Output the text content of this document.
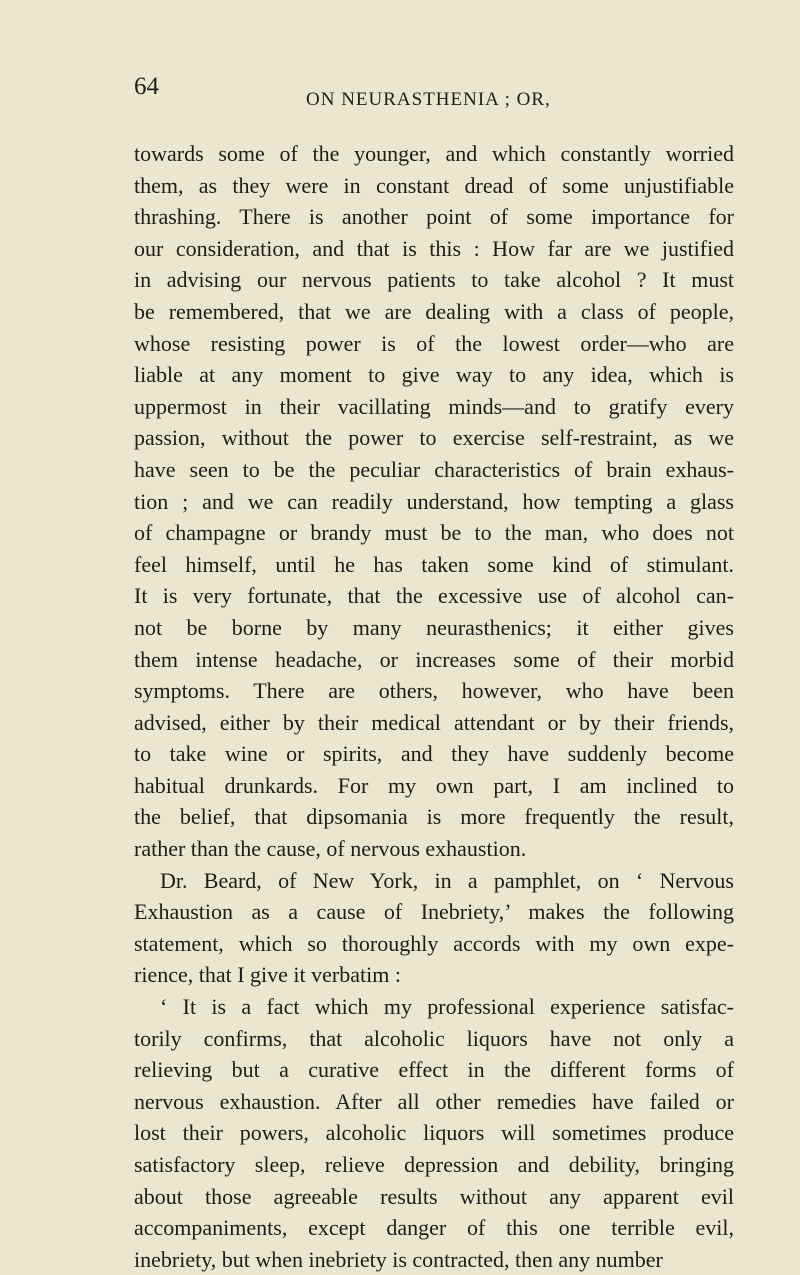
64	ON NEURASTHENIA ; OR,
towards some of the younger, and which constantly worried
them, as they were in constant dread of some unjustifiable
thrashing. There is another point of some importance for
our consideration, and that is this : How far are we justified
in advising our nervous patients to take alcohol ? It must
be remembered, that we are dealing with a class of people,
whose resisting power is of the lowest order—who are
liable at any moment to give way to any idea, which is
uppermost in their vacillating minds—and to gratify every
passion, without the power to exercise self-restraint, as we
have seen to be the peculiar characteristics of brain exhaus-
tion ; and we can readily understand, how tempting a glass
of champagne or brandy must be to the man, who does not
feel himself, until he has taken some kind of stimulant.
It is very fortunate, that the excessive use of alcohol can-
not be borne by many neurasthenics; it either gives
them intense headache, or increases some of their morbid
symptoms. There are others, however, who have been
advised, either by their medical attendant or by their friends,
to take wine or spirits, and they have suddenly become
habitual drunkards. For my own part, I am inclined to
the belief, that dipsomania is more frequently the result,
rather than the cause, of nervous exhaustion.
Dr. Beard, of New York, in a pamphlet, on ‘ Nervous
Exhaustion as a cause of Inebriety,’ makes the following
statement, which so thoroughly accords with my own expe-
rience, that I give it verbatim :
‘ It is a fact which my professional experience satisfac-
torily confirms, that alcoholic liquors have not only a
relieving but a curative effect in the different forms of
nervous exhaustion. After all other remedies have failed or
lost their powers, alcoholic liquors will sometimes produce
satisfactory sleep, relieve depression and debility, bringing
about those agreeable results without any apparent evil
accompaniments, except danger of this one terrible evil,
inebriety, but when inebriety is contracted, then any number
